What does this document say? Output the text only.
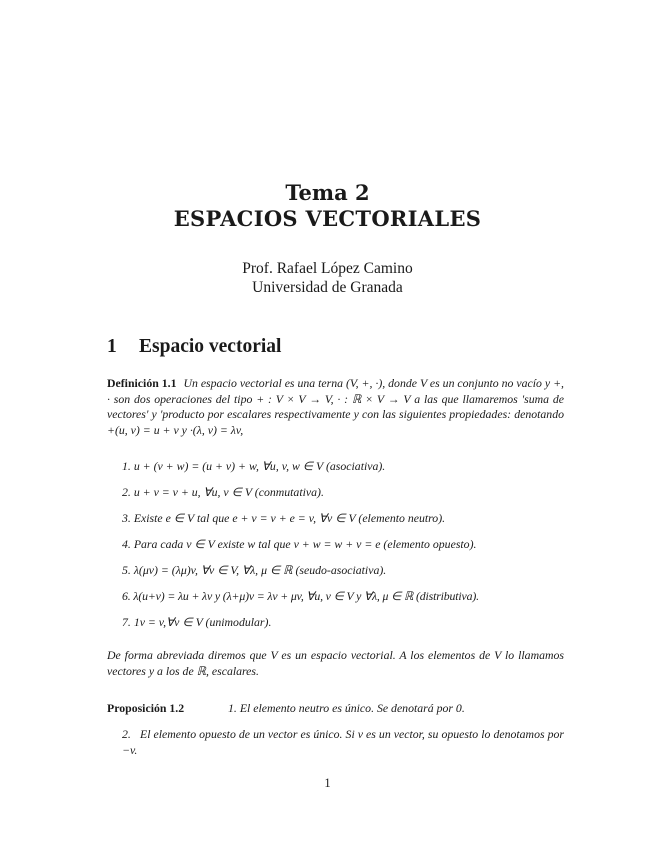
Tema 2
ESPACIOS VECTORIALES
Prof. Rafael López Camino
Universidad de Granada
1 Espacio vectorial
Definición 1.1 Un espacio vectorial es una terna (V, +, ·), donde V es un conjunto no vacío y +, · son dos operaciones del tipo + : V × V → V, · : ℝ × V → V a las que llamaremos 'suma de vectores' y 'producto por escalares respectivamente y con las siguientes propiedades: denotando +(u, v) = u + v y ·(λ, v) = λv,
1. u + (v + w) = (u + v) + w, ∀u, v, w ∈ V (asociativa).
2. u + v = v + u, ∀u, v ∈ V (conmutativa).
3. Existe e ∈ V tal que e + v = v + e = v, ∀v ∈ V (elemento neutro).
4. Para cada v ∈ V existe w tal que v + w = w + v = e (elemento opuesto).
5. λ(μv) = (λμ)v, ∀v ∈ V, ∀λ, μ ∈ ℝ (seudo-asociativa).
6. λ(u+v) = λu + λv y (λ+μ)v = λv + μv, ∀u, v ∈ V y ∀λ, μ ∈ ℝ (distributiva).
7. 1v = v,∀v ∈ V (unimodular).
De forma abreviada diremos que V es un espacio vectorial. A los elementos de V lo llamamos vectores y a los de ℝ, escalares.
Proposición 1.2	1. El elemento neutro es único. Se denotará por 0.
2. El elemento opuesto de un vector es único. Si v es un vector, su opuesto lo denotamos por −v.
1
